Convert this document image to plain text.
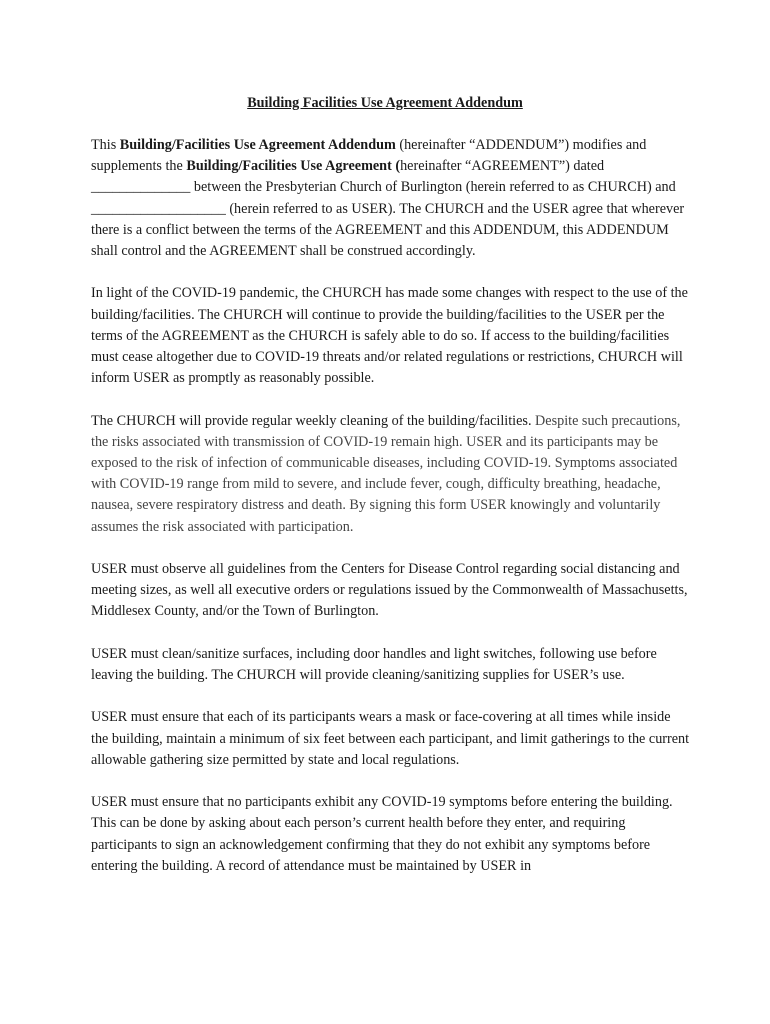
Building Facilities Use Agreement Addendum

This Building/Facilities Use Agreement Addendum (hereinafter “ADDENDUM”) modifies and supplements the Building/Facilities Use Agreement (hereinafter “AGREEMENT”) dated ______________ between the Presbyterian Church of Burlington (herein referred to as CHURCH) and ___________________ (herein referred to as USER). The CHURCH and the USER agree that wherever there is a conflict between the terms of the AGREEMENT and this ADDENDUM, this ADDENDUM shall control and the AGREEMENT shall be construed accordingly.

In light of the COVID-19 pandemic, the CHURCH has made some changes with respect to the use of the building/facilities. The CHURCH will continue to provide the building/facilities to the USER per the terms of the AGREEMENT as the CHURCH is safely able to do so. If access to the building/facilities must cease altogether due to COVID-19 threats and/or related regulations or restrictions, CHURCH will inform USER as promptly as reasonably possible.

The CHURCH will provide regular weekly cleaning of the building/facilities. Despite such precautions, the risks associated with transmission of COVID-19 remain high. USER and its participants may be exposed to the risk of infection of communicable diseases, including COVID-19. Symptoms associated with COVID-19 range from mild to severe, and include fever, cough, difficulty breathing, headache, nausea, severe respiratory distress and death. By signing this form USER knowingly and voluntarily assumes the risk associated with participation.

USER must observe all guidelines from the Centers for Disease Control regarding social distancing and meeting sizes, as well all executive orders or regulations issued by the Commonwealth of Massachusetts, Middlesex County, and/or the Town of Burlington.

USER must clean/sanitize surfaces, including door handles and light switches, following use before leaving the building. The CHURCH will provide cleaning/sanitizing supplies for USER’s use.

USER must ensure that each of its participants wears a mask or face-covering at all times while inside the building, maintain a minimum of six feet between each participant, and limit gatherings to the current allowable gathering size permitted by state and local regulations.

USER must ensure that no participants exhibit any COVID-19 symptoms before entering the building. This can be done by asking about each person’s current health before they enter, and requiring participants to sign an acknowledgement confirming that they do not exhibit any symptoms before entering the building. A record of attendance must be maintained by USER in
